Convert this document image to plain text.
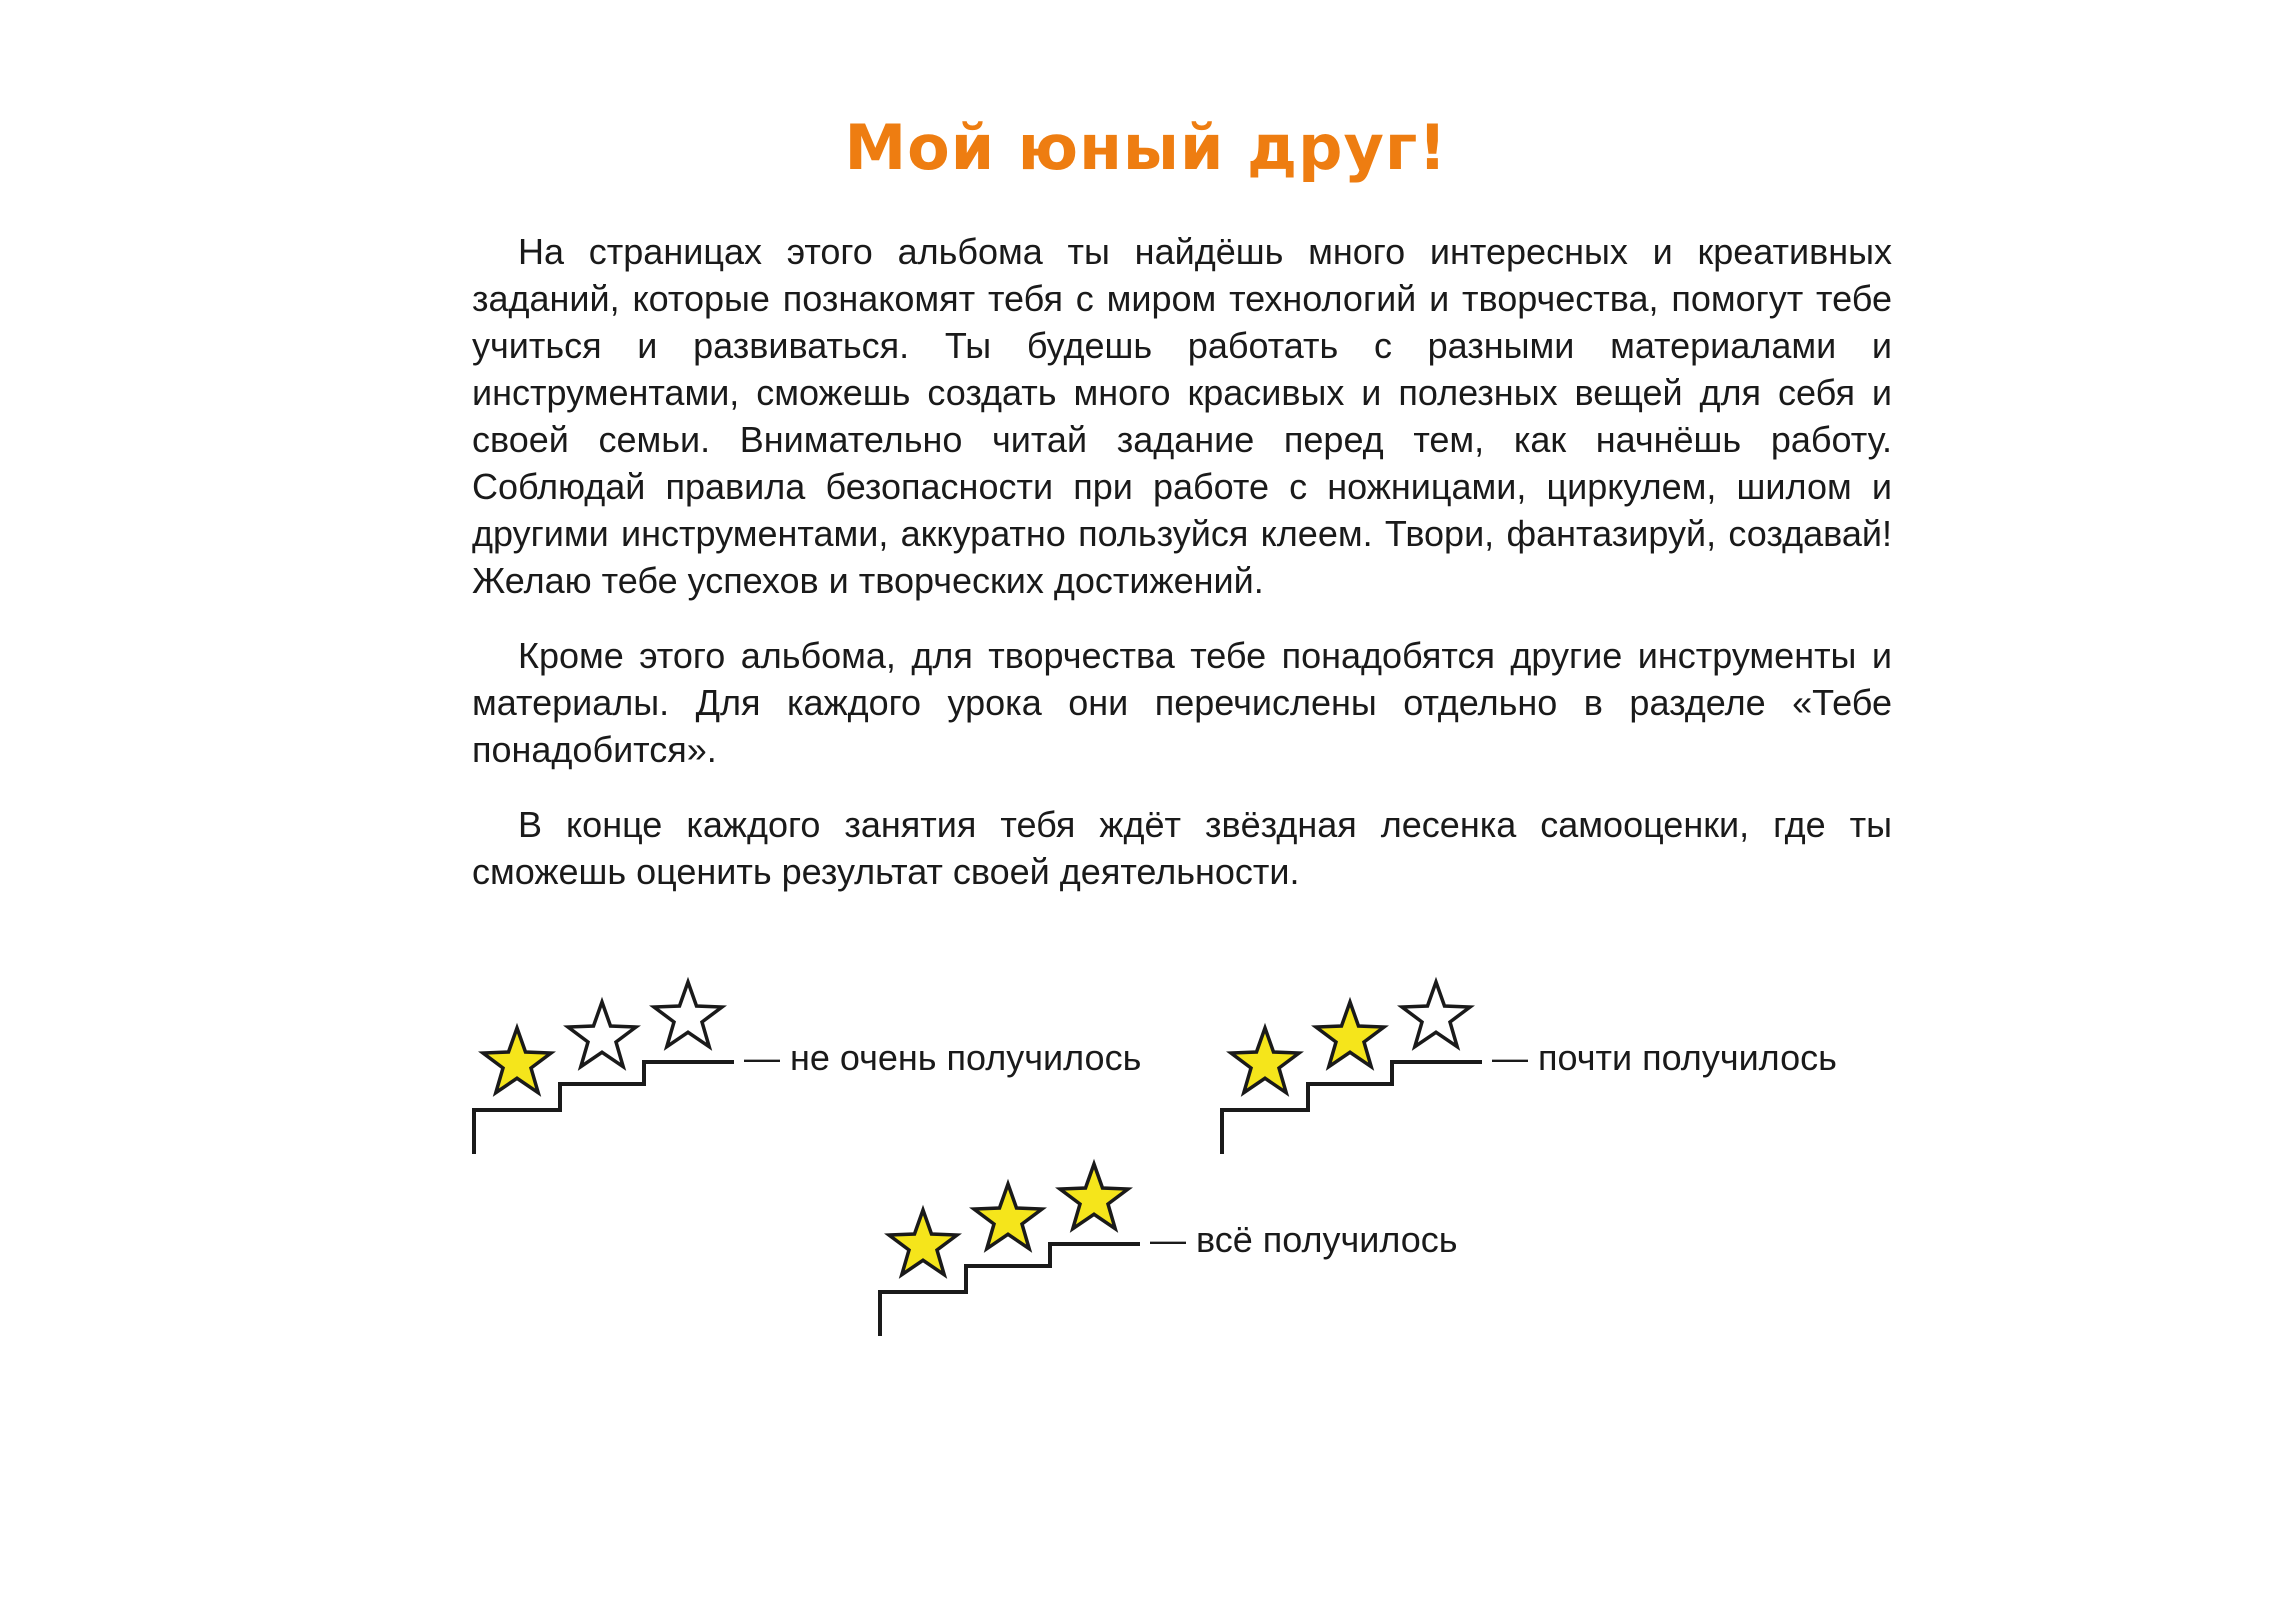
Мой юный друг!

На страницах этого альбома ты найдёшь много интересных и креативных заданий, которые познакомят тебя с миром технологий и творчества, помогут тебе учиться и развиваться. Ты будешь работать с разными материалами и инструментами, сможешь создать много красивых и полезных вещей для себя и своей семьи. Внимательно читай задание перед тем, как начнёшь работу. Соблюдай правила безопасности при работе с ножницами, циркулем, шилом и другими инструментами, аккуратно пользуйся клеем. Твори, фантазируй, создавай! Желаю тебе успехов и творческих достижений.

Кроме этого альбома, для творчества тебе понадобятся другие инструменты и материалы. Для каждого урока они перечислены отдельно в разделе «Тебе понадобится».

В конце каждого занятия тебя ждёт звёздная лесенка самооценки, где ты сможешь оценить результат своей деятельности.

— не очень получилось	— почти получилось
— всё получилось
